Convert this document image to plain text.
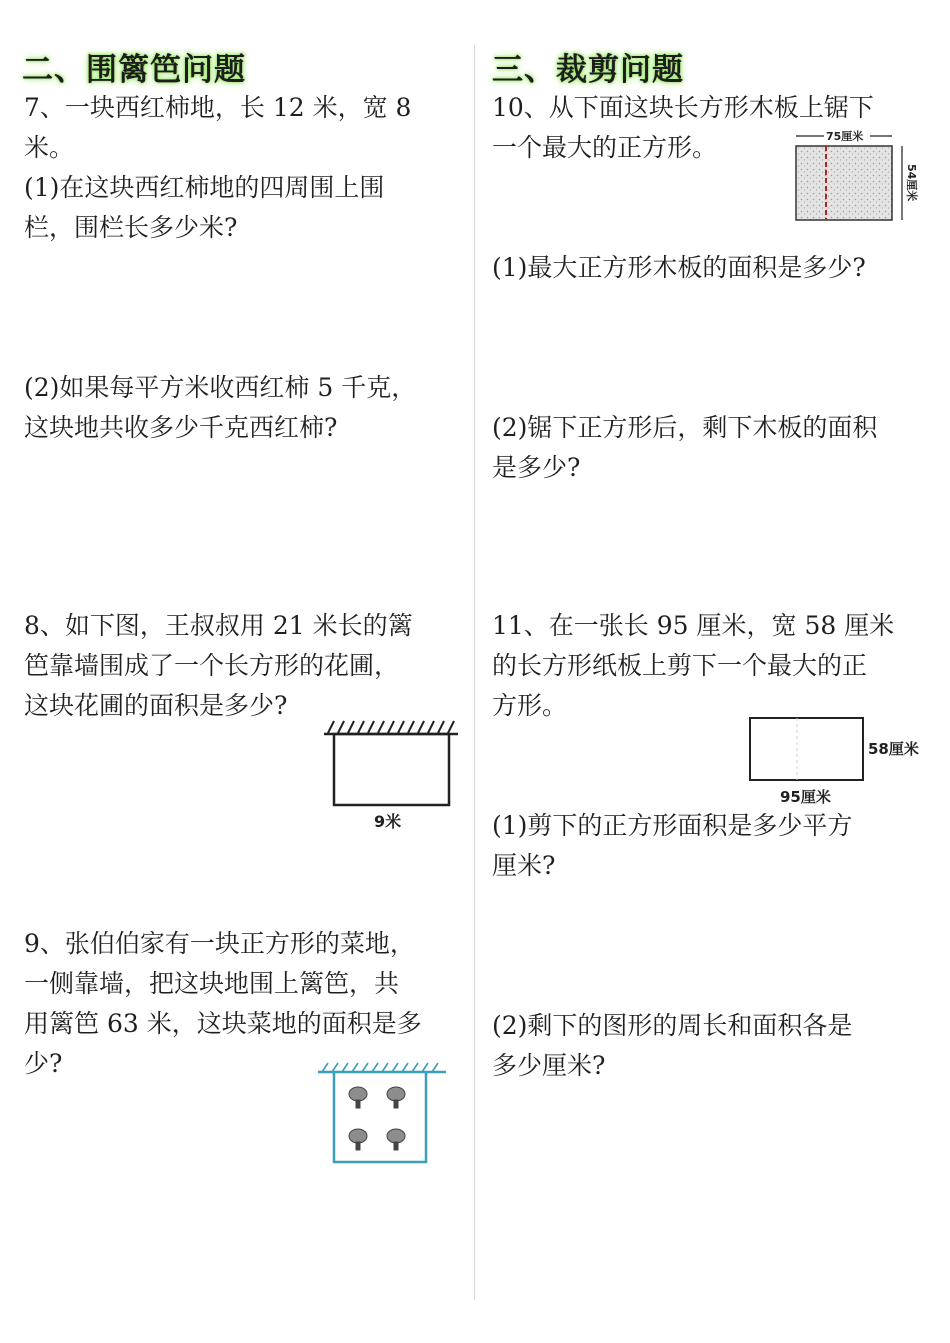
二、围篱笆问题
7、一块西红柿地，长 12 米，宽 8
米。
(1)在这块西红柿地的四周围上围
栏，围栏长多少米?
(2)如果每平方米收西红柿 5 千克，
这块地共收多少千克西红柿?
8、如下图，王叔叔用 21 米长的篱
笆靠墙围成了一个长方形的花圃，
这块花圃的面积是多少?
9米
9、张伯伯家有一块正方形的菜地，
一侧靠墙，把这块地围上篱笆，共
用篱笆 63 米，这块菜地的面积是多
少?
三、裁剪问题
10、从下面这块长方形木板上锯下
一个最大的正方形。	75厘米
54厘米
(1)最大正方形木板的面积是多少?
(2)锯下正方形后，剩下木板的面积
是多少?
11、在一张长 95 厘米，宽 58 厘米
的长方形纸板上剪下一个最大的正
方形。
58厘米
95厘米
(1)剪下的正方形面积是多少平方
厘米?
(2)剩下的图形的周长和面积各是
多少厘米?
